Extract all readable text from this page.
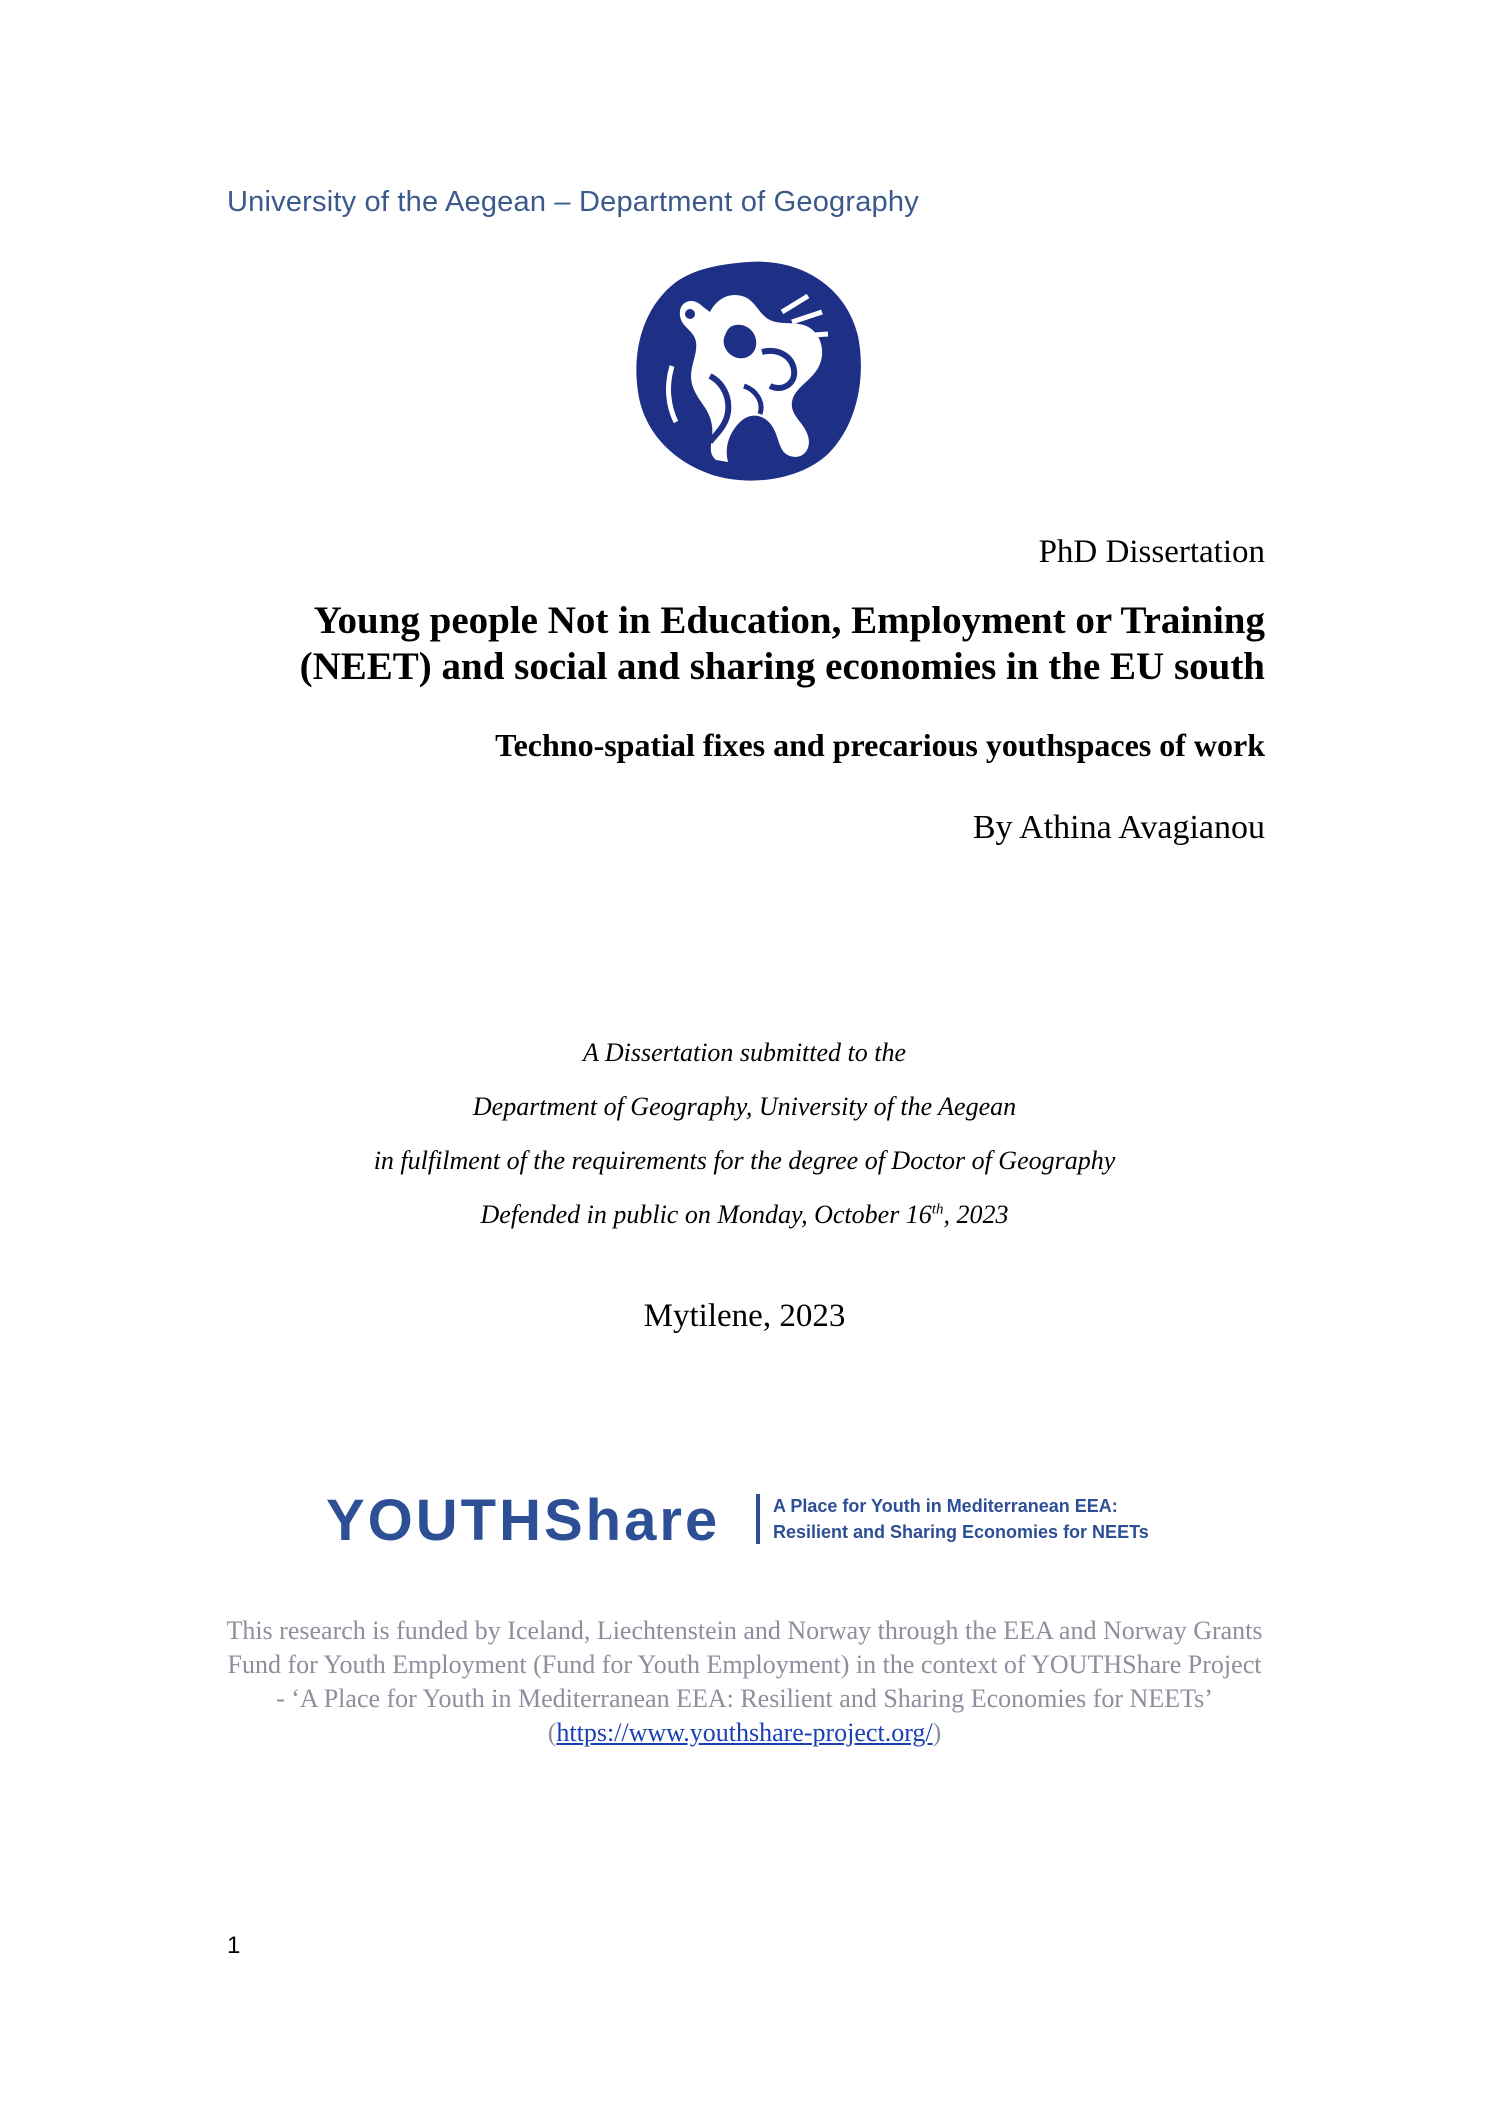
University of the Aegean – Department of Geography
PhD Dissertation
Young people Not in Education, Employment or Training
(NEET) and social and sharing economies in the EU south
Techno-spatial fixes and precarious youthspaces of work
By Athina Avagianou
A Dissertation submitted to the
Department of Geography, University of the Aegean
in fulfilment of the requirements for the degree of Doctor of Geography
Defended in public on Monday, October 16th, 2023
Mytilene, 2023
YOUTHShare	A Place for Youth in Mediterranean EEA:
Resilient and Sharing Economies for NEETs
This research is funded by Iceland, Liechtenstein and Norway through the EEA and Norway Grants Fund for Youth Employment (Fund for Youth Employment) in the context of YOUTHShare Project - ‘A Place for Youth in Mediterranean EEA: Resilient and Sharing Economies for NEETs’
(https://www.youthshare-project.org/)
1
